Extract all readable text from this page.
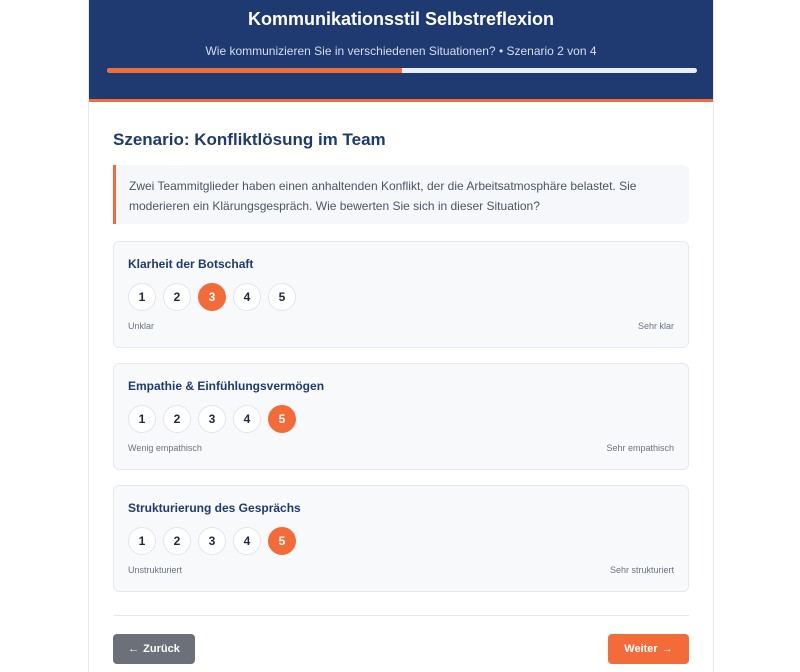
Kommunikationsstil Selbstreflexion
Wie kommunizieren Sie in verschiedenen Situationen? • Szenario 2 von 4
Szenario: Konfliktlösung im Team
Zwei Teammitglieder haben einen anhaltenden Konflikt, der die Arbeitsatmosphäre belastet. Sie moderieren ein Klärungsgespräch. Wie bewerten Sie sich in dieser Situation?
Klarheit der Botschaft
1	2	3	4	5
Unklar	Sehr klar
Empathie & Einfühlungsvermögen
1	2	3	4	5
Wenig empathisch	Sehr empathisch
Strukturierung des Gesprächs
1	2	3	4	5
Unstrukturiert	Sehr strukturiert
← Zurück	Weiter →
